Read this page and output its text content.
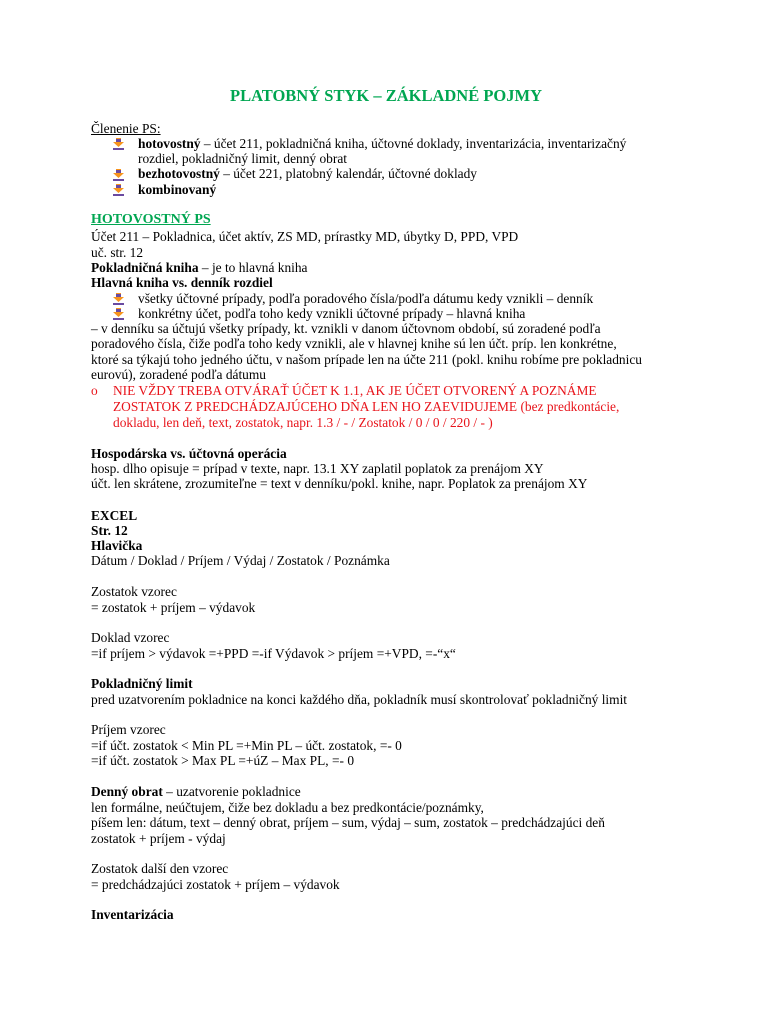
PLATOBNÝ STYK – ZÁKLADNÉ POJMY
Členenie PS:
hotovostný – účet 211, pokladničná kniha, účtovné doklady, inventarizácia, inventarizačný
rozdiel, pokladničný limit, denný obrat
bezhotovostný – účet 221, platobný kalendár, účtovné doklady
kombinovaný
HOTOVOSTNÝ PS
Účet 211 – Pokladnica, účet aktív, ZS MD, prírastky MD, úbytky D, PPD, VPD
uč. str. 12
Pokladničná kniha – je to hlavná kniha
Hlavná kniha vs. denník rozdiel
všetky účtovné prípady, podľa poradového čísla/podľa dátumu kedy vznikli – denník
konkrétny účet, podľa toho kedy vznikli účtovné prípady – hlavná kniha
– v denníku sa účtujú všetky prípady, kt. vznikli v danom účtovnom období, sú zoradené podľa
poradového čísla, čiže podľa toho kedy vznikli, ale v hlavnej knihe sú len účt. príp. len konkrétne,
ktoré sa týkajú toho jedného účtu, v našom prípade len na účte 211 (pokl. knihu robíme pre pokladnicu
eurovú), zoradené podľa dátumu
o NIE VŽDY TREBA OTVÁRAŤ ÚČET K 1.1, AK JE ÚČET OTVORENÝ A POZNÁME
ZOSTATOK Z PREDCHÁDZAJÚCEHO DŇA LEN HO ZAEVIDUJEME (bez predkontácie,
dokladu, len deň, text, zostatok, napr. 1.3 / - / Zostatok / 0 / 0 / 220 / - )
Hospodárska vs. účtovná operácia
hosp. dlho opisuje = prípad v texte, napr. 13.1 XY zaplatil poplatok za prenájom XY
účt. len skrátene, zrozumiteľne = text v denníku/pokl. knihe, napr. Poplatok za prenájom XY
EXCEL
Str. 12
Hlavička
Dátum / Doklad / Príjem / Výdaj / Zostatok / Poznámka
Zostatok vzorec
= zostatok + príjem – výdavok
Doklad vzorec
=if príjem > výdavok =+PPD =-if Výdavok > príjem =+VPD, =-“x“
Pokladničný limit
pred uzatvorením pokladnice na konci každého dňa, pokladník musí skontrolovať pokladničný limit
Príjem vzorec
=if účt. zostatok < Min PL =+Min PL – účt. zostatok, =- 0
=if účt. zostatok > Max PL =+úZ – Max PL, =- 0
Denný obrat – uzatvorenie pokladnice
len formálne, neúčtujem, čiže bez dokladu a bez predkontácie/poznámky,
píšem len: dátum, text – denný obrat, príjem – sum, výdaj – sum, zostatok – predchádzajúci deň
zostatok + príjem - výdaj
Zostatok další den vzorec
= predchádzajúci zostatok + príjem – výdavok
Inventarizácia
